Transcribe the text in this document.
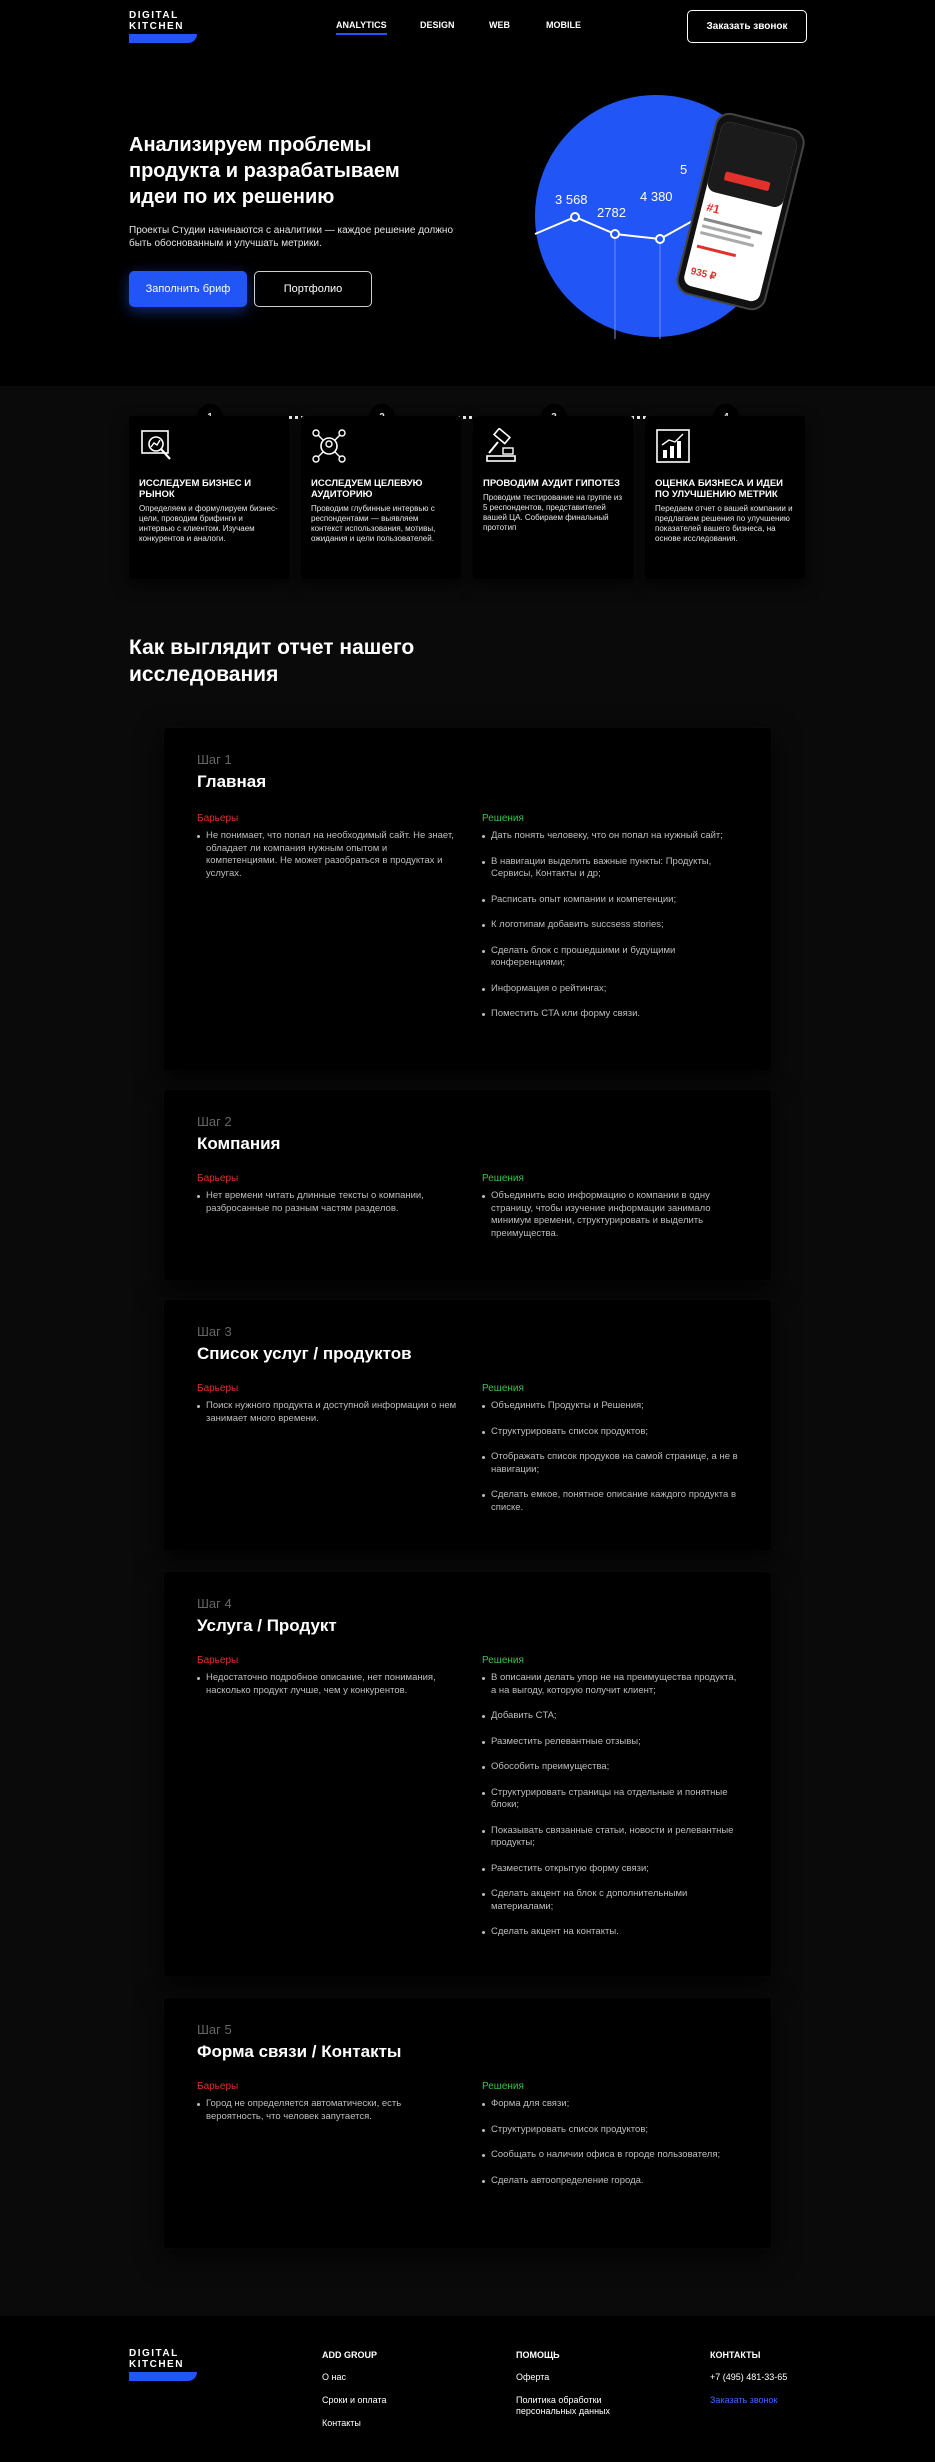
DIGITAL
KITCHEN	ANALYTICS	DESIGN	WEB	MOBILE	Заказать звонок
Анализируем проблемы продукта и разрабатываем идеи по их решению

Проекты Студии начинаются с аналитики — каждое решение должно быть обоснованным и улучшать метрики.

Заполнить бриф	Портфолио
3 568
2782
4 380
5
#1
935 ₽
ИССЛЕДУЕМ БИЗНЕС И РЫНОК
Определяем и формулируем бизнес-цели, проводим брифинги и интервью с клиентом. Изучаем конкурентов и аналоги.
ИССЛЕДУЕМ ЦЕЛЕВУЮ АУДИТОРИЮ
Проводим глубинные интервью с респондентами — выявляем контекст использования, мотивы, ожидания и цели пользователей.
ПРОВОДИМ АУДИТ ГИПОТЕЗ
Проводим тестирование на группе из 5 респондентов, представителей вашей ЦА. Собираем финальный прототип
ОЦЕНКА БИЗНЕСА И ИДЕИ ПО УЛУЧШЕНИЮ МЕТРИК
Передаем отчет о вашей компании и предлагаем решения по улучшению показателей вашего бизнеса, на основе исследования.
Как выглядит отчет нашего исследования
Шаг 1
Главная
Барьеры
Не понимает, что попал на необходимый сайт. Не знает, обладает ли компания нужным опытом и компетенциями. Не может разобраться в продуктах и услугах.
Решения
Дать понять человеку, что он попал на нужный сайт;
В навигации выделить важные пункты: Продукты, Сервисы, Контакты и др;
Расписать опыт компании и компетенции;
К логотипам добавить succsess stories;
Сделать блок с прошедшими и будущими конференциями;
Информация о рейтингах;
Поместить CTA или форму связи.
Шаг 2
Компания
Барьеры
Нет времени читать длинные тексты о компании, разбросанные по разным частям разделов.
Решения
Объединить всю информацию о компании в одну страницу, чтобы изучение информации занимало минимум времени, структурировать и выделить преимущества.
Шаг 3
Список услуг / продуктов
Барьеры
Поиск нужного продукта и доступной информации о нем занимает много времени.
Решения
Объединить Продукты и Решения;
Структурировать список продуктов;
Отображать список продуков на самой странице, а не в навигации;
Сделать емкое, понятное описание каждого продукта в списке.
Шаг 4
Услуга / Продукт
Барьеры
Недостаточно подробное описание, нет понимания, насколько продукт лучше, чем у конкурентов.
Решения
В описании делать упор не на преимущества продукта, а на выгоду, которую получит клиент;
Добавить CTA;
Разместить релевантные отзывы;
Обособить преимущества;
Структурировать страницы на отдельные и понятные блоки;
Показывать связанные статьи, новости и релевантные продукты;
Разместить открытую форму связи;
Сделать акцент на блок с дополнительными материалами;
Сделать акцент на контакты.
Шаг 5
Форма связи / Контакты
Барьеры
Город не определяется автоматически, есть вероятность, что человек запутается.
Решения
Форма для связи;
Структурировать список продуктов;
Сообщать о наличии офиса в городе пользователя;
Сделать автоопределение города.
DIGITAL
KITCHEN
ADD GROUP
О нас
Сроки и оплата
Контакты
ПОМОЩЬ
Оферта
Политика обработки персональных данных
КОНТАКТЫ
+7 (495) 481-33-65
Заказать звонок
